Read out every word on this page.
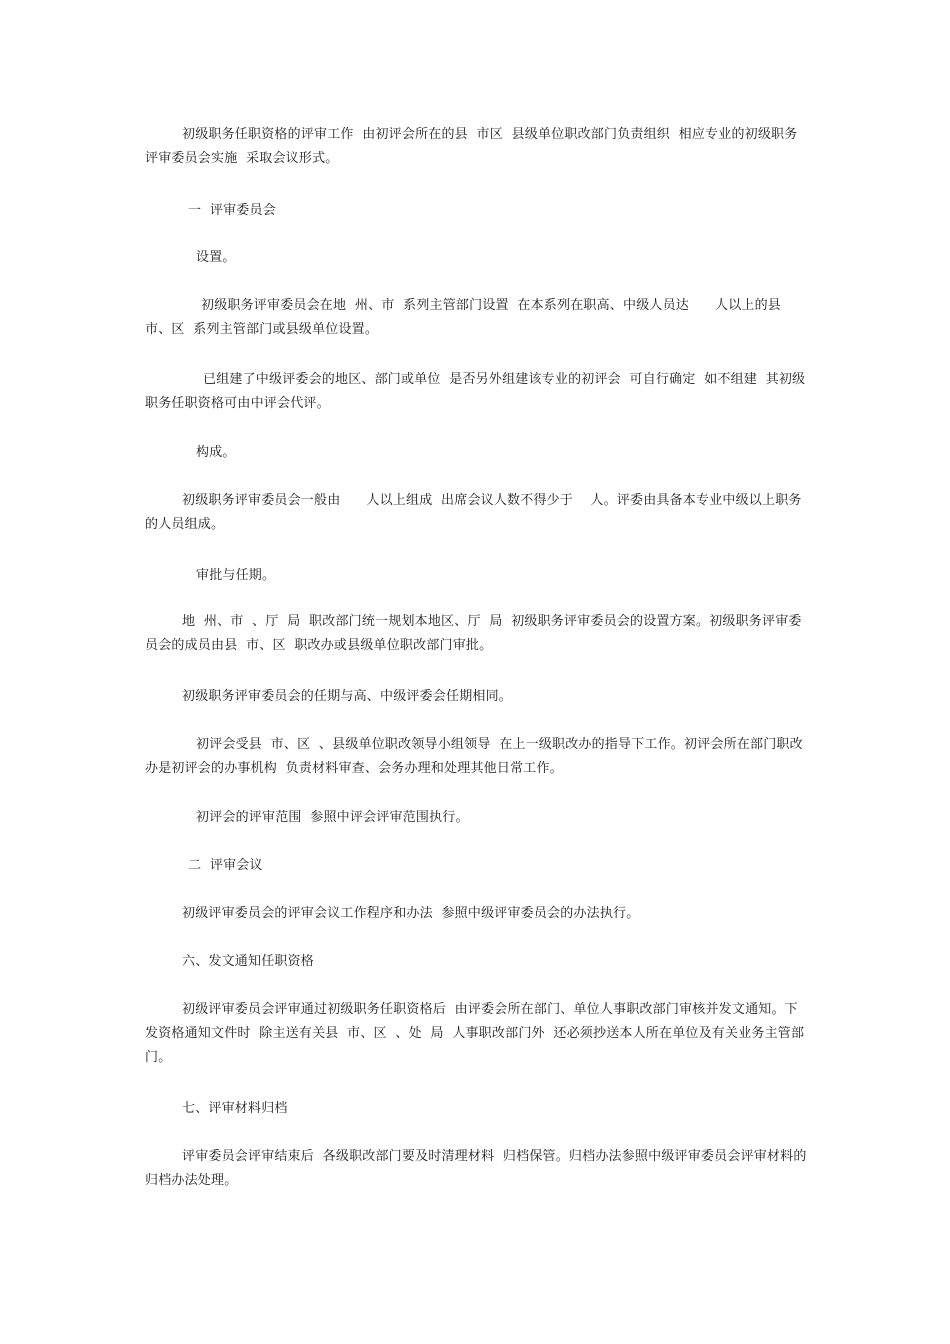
初级职务任职资格的评审工作  由初评会所在的县  市区  县级单位职改部门负责组织  相应专业的初级职务评审委员会实施  采取会议形式。
一  评审委员会
设置。
初级职务评审委员会在地  州、市  系列主管部门设置  在本系列在职高、中级人员达      人以上的县  市、区  系列主管部门或县级单位设置。
已组建了中级评委会的地区、部门或单位  是否另外组建该专业的初评会  可自行确定  如不组建  其初级职务任职资格可由中评会代评。
构成。
初级职务评审委员会一般由      人以上组成  出席会议人数不得少于    人。评委由具备本专业中级以上职务的人员组成。
审批与任期。
地  州、市  、厅  局  职改部门统一规划本地区、厅  局  初级职务评审委员会的设置方案。初级职务评审委员会的成员由县  市、区  职改办或县级单位职改部门审批。
初级职务评审委员会的任期与高、中级评委会任期相同。
初评会受县  市、区  、县级单位职改领导小组领导  在上一级职改办的指导下工作。初评会所在部门职改办是初评会的办事机构  负责材料审查、会务办理和处理其他日常工作。
初评会的评审范围  参照中评会评审范围执行。
二  评审会议
初级评审委员会的评审会议工作程序和办法  参照中级评审委员会的办法执行。
六、发文通知任职资格
初级评审委员会评审通过初级职务任职资格后  由评委会所在部门、单位人事职改部门审核并发文通知。下发资格通知文件时  除主送有关县  市、区  、处  局  人事职改部门外  还必须抄送本人所在单位及有关业务主管部门。
七、评审材料归档
评审委员会评审结束后  各级职改部门要及时清理材料  归档保管。归档办法参照中级评审委员会评审材料的归档办法处理。
